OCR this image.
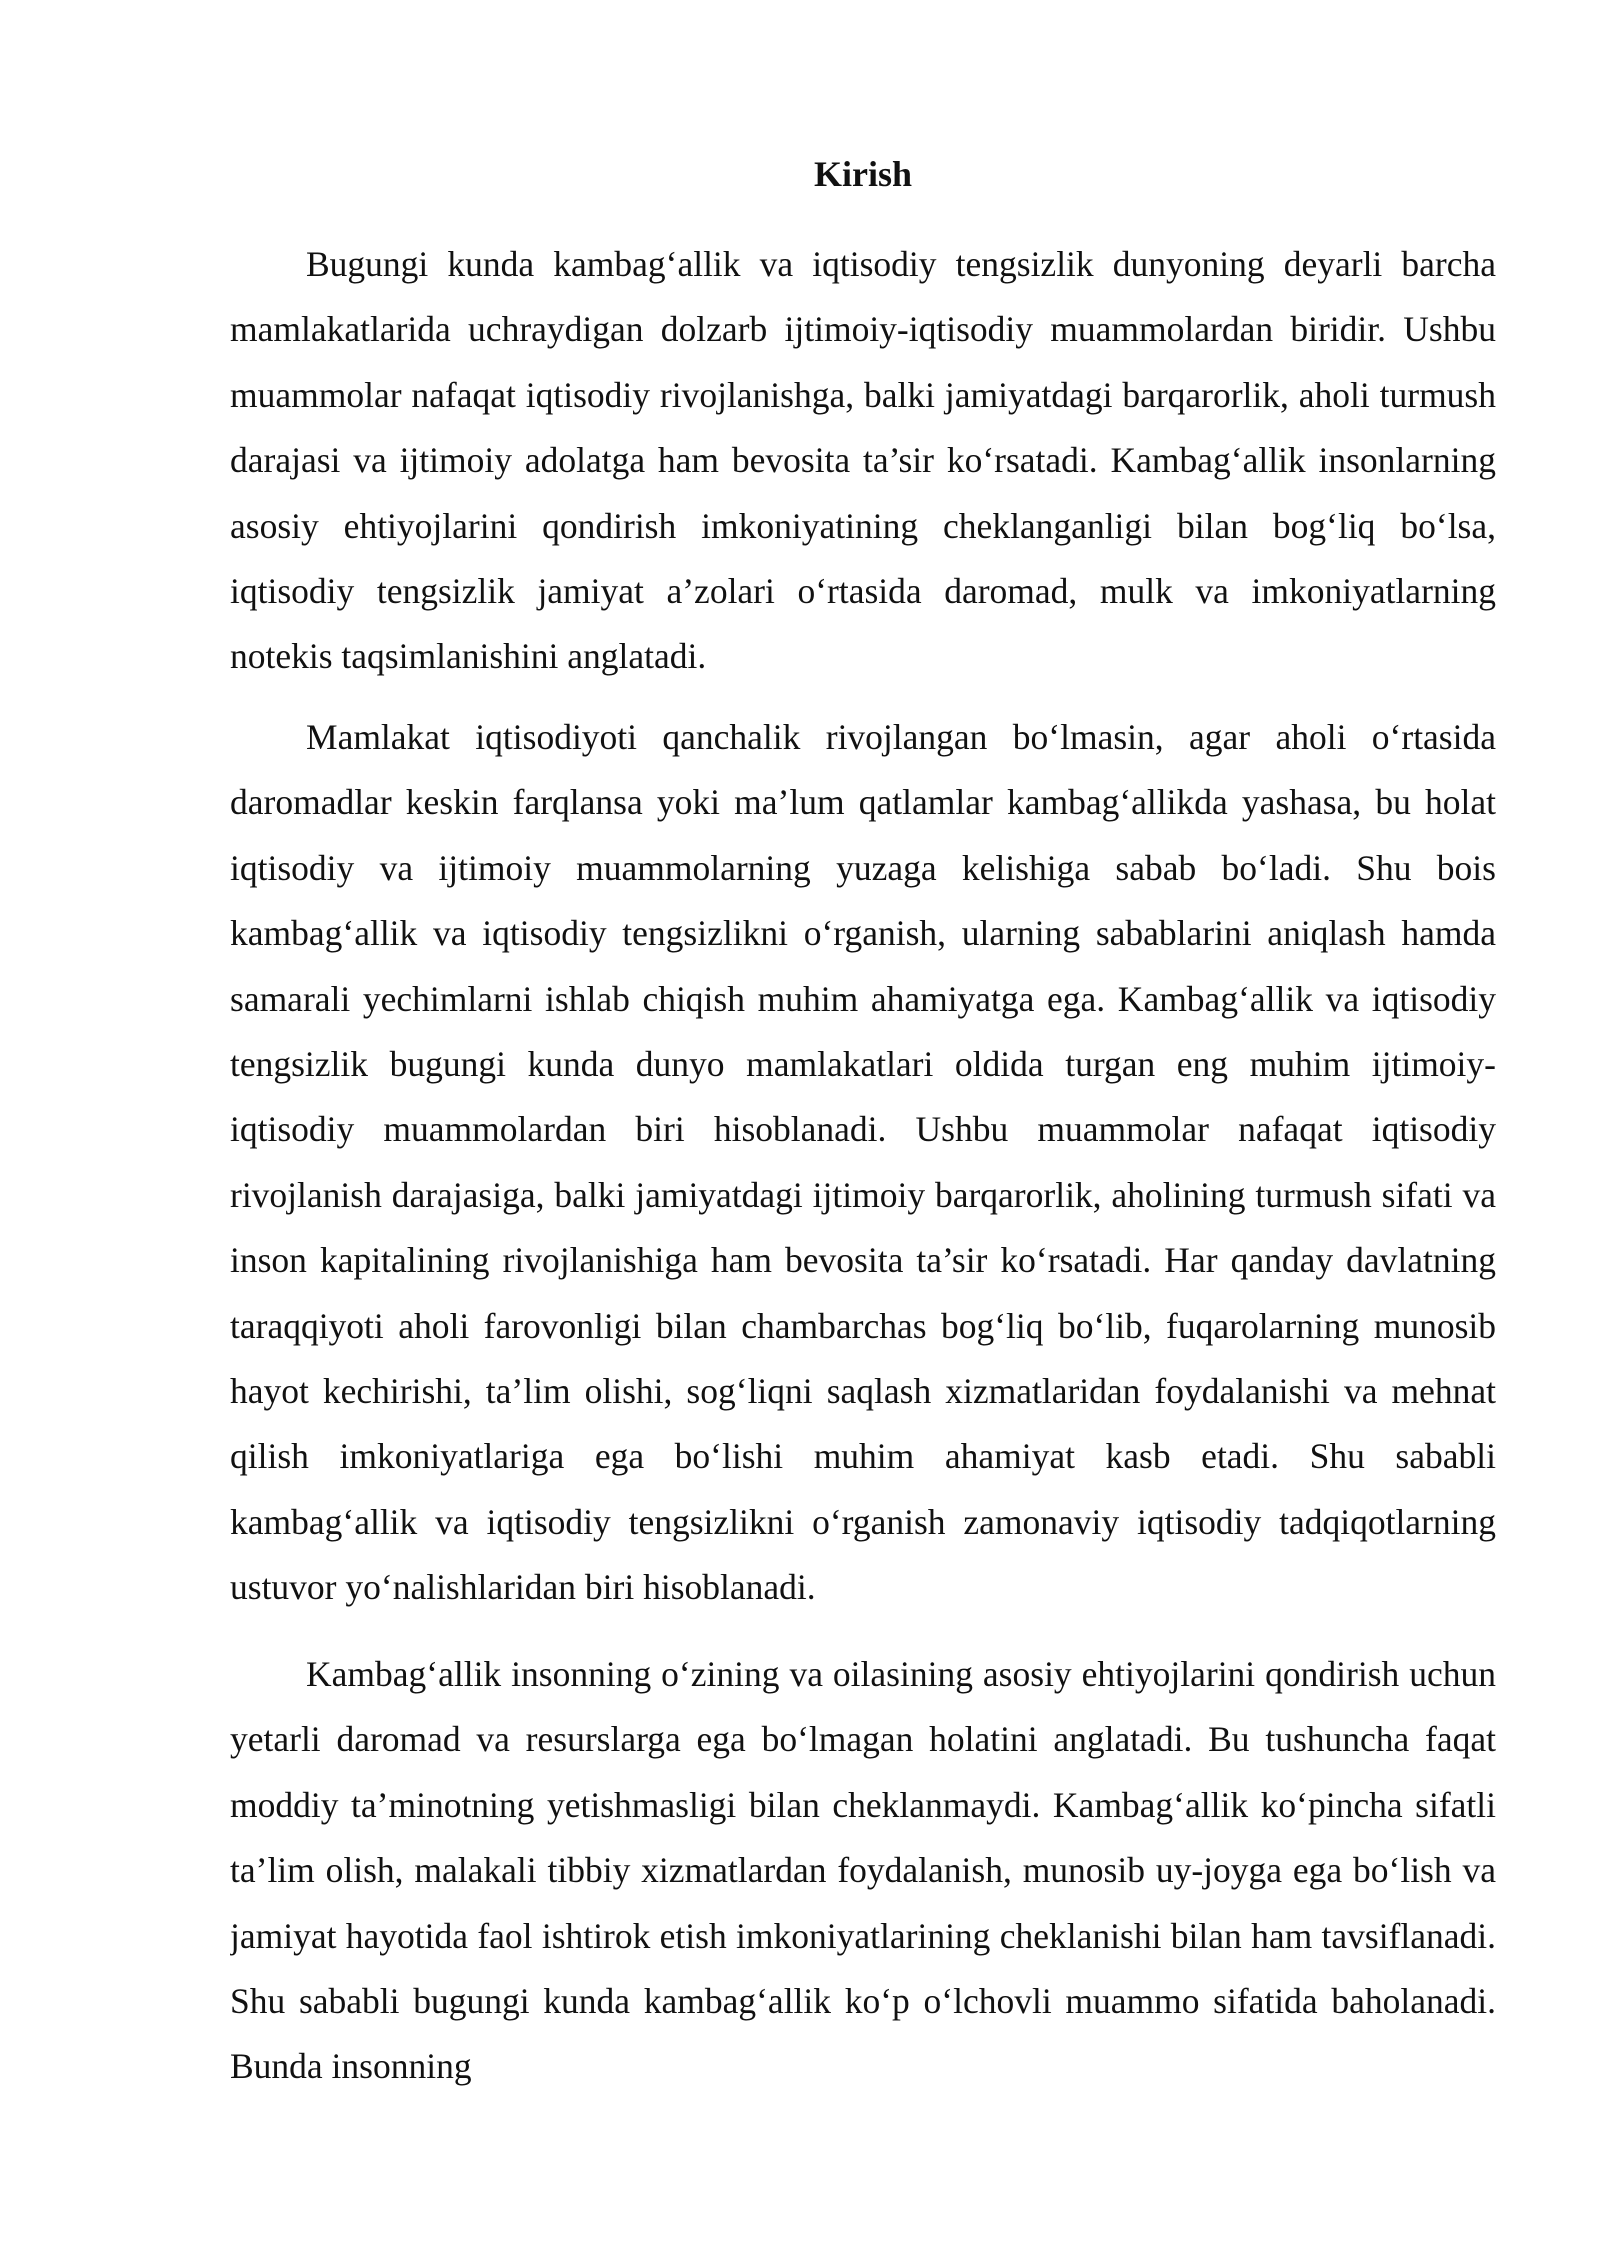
Kirish

Bugungi kunda kambag‘allik va iqtisodiy tengsizlik dunyoning deyarli barcha mamlakatlarida uchraydigan dolzarb ijtimoiy-iqtisodiy muammolardan biridir. Ushbu muammolar nafaqat iqtisodiy rivojlanishga, balki jamiyatdagi barqarorlik, aholi turmush darajasi va ijtimoiy adolatga ham bevosita ta’sir ko‘rsatadi. Kambag‘allik insonlarning asosiy ehtiyojlarini qondirish imkoniyatining cheklanganligi bilan bog‘liq bo‘lsa, iqtisodiy tengsizlik jamiyat a’zolari o‘rtasida daromad, mulk va imkoniyatlarning notekis taqsimlanishini anglatadi.

Mamlakat iqtisodiyoti qanchalik rivojlangan bo‘lmasin, agar aholi o‘rtasida daromadlar keskin farqlansa yoki ma’lum qatlamlar kambag‘allikda yashasa, bu holat iqtisodiy va ijtimoiy muammolarning yuzaga kelishiga sabab bo‘ladi. Shu bois kambag‘allik va iqtisodiy tengsizlikni o‘rganish, ularning sabablarini aniqlash hamda samarali yechimlarni ishlab chiqish muhim ahamiyatga ega. Kambag‘allik va iqtisodiy tengsizlik bugungi kunda dunyo mamlakatlari oldida turgan eng muhim ijtimoiy-iqtisodiy muammolardan biri hisoblanadi. Ushbu muammolar nafaqat iqtisodiy rivojlanish darajasiga, balki jamiyatdagi ijtimoiy barqarorlik, aholining turmush sifati va inson kapitalining rivojlanishiga ham bevosita ta’sir ko‘rsatadi. Har qanday davlatning taraqqiyoti aholi farovonligi bilan chambarchas bog‘liq bo‘lib, fuqarolarning munosib hayot kechirishi, ta’lim olishi, sog‘liqni saqlash xizmatlaridan foydalanishi va mehnat qilish imkoniyatlariga ega bo‘lishi muhim ahamiyat kasb etadi. Shu sababli kambag‘allik va iqtisodiy tengsizlikni o‘rganish zamonaviy iqtisodiy tadqiqotlarning ustuvor yo‘nalishlaridan biri hisoblanadi.

Kambag‘allik insonning o‘zining va oilasining asosiy ehtiyojlarini qondirish uchun yetarli daromad va resurslarga ega bo‘lmagan holatini anglatadi. Bu tushuncha faqat moddiy ta’minotning yetishmasligi bilan cheklanmaydi. Kambag‘allik ko‘pincha sifatli ta’lim olish, malakali tibbiy xizmatlardan foydalanish, munosib uy-joyga ega bo‘lish va jamiyat hayotida faol ishtirok etish imkoniyatlarining cheklanishi bilan ham tavsiflanadi. Shu sababli bugungi kunda kambag‘allik ko‘p o‘lchovli muammo sifatida baholanadi. Bunda insonning
